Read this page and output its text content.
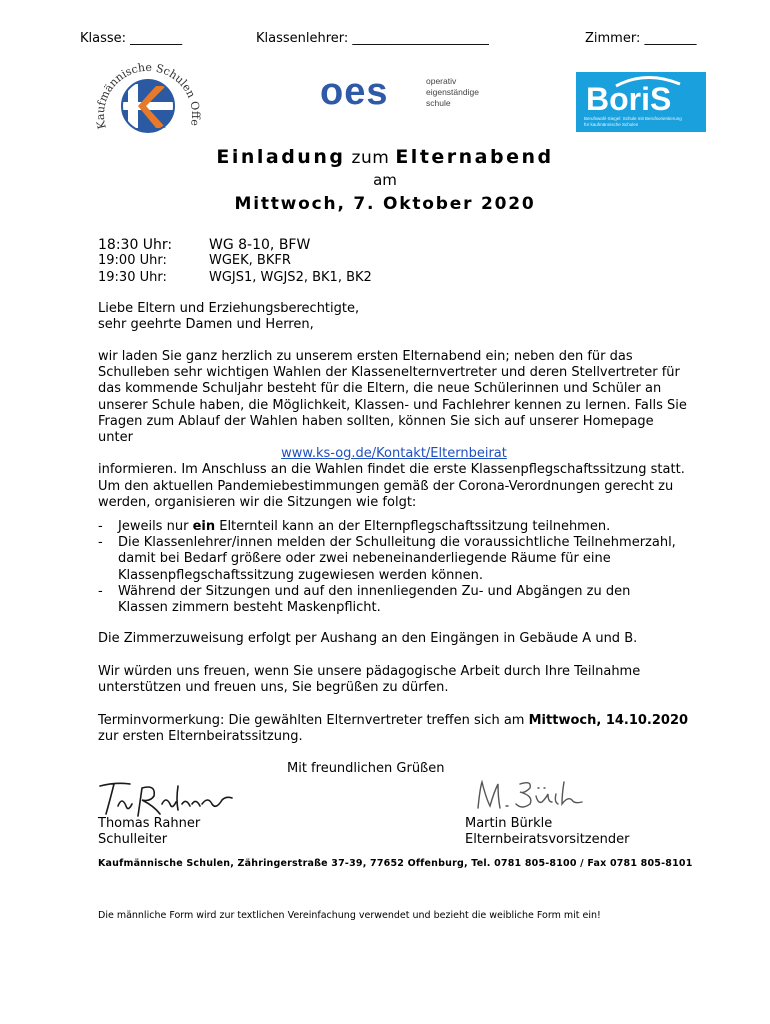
Klasse: ________	Klassenlehrer: _____________________	Zimmer: ________
Kaufmännische Schulen Offe
oes	operativ
eigenständige
schule	BoriS
Berufswahl-Siegel: Schule mit Berufsorientierung
für kaufmännische Schulen
Einladung zum Elternabend
am
Mittwoch, 7. Oktober 2020
18:30 Uhr:	WG 8-10, BFW
19:00 Uhr:	WGEK, BKFR
19:30 Uhr:	WGJS1, WGJS2, BK1, BK2

Liebe Eltern und Erziehungsberechtigte,

sehr geehrte Damen und Herren,

wir laden Sie ganz herzlich zu unserem ersten Elternabend ein; neben den für das Schulleben sehr wichtigen Wahlen der Klassenelternvertreter und deren Stellvertreter für das kommende Schuljahr besteht für die Eltern, die neue Schülerinnen und Schüler an unserer Schule haben, die Möglichkeit, Klassen- und Fachlehrer kennen zu lernen. Falls Sie Fragen zum Ablauf der Wahlen haben sollten, können Sie sich auf unserer Homepage unter

www.ks-og.de/Kontakt/Elternbeirat

informieren. Im Anschluss an die Wahlen findet die erste Klassenpflegschaftssitzung statt.

Um den aktuellen Pandemiebestimmungen gemäß der Corona-Verordnungen gerecht zu werden, organisieren wir die Sitzungen wie folgt:
-	Jeweils nur ein Elternteil kann an der Elternpflegschaftssitzung teilnehmen.
-	Die Klassenlehrer/innen melden der Schulleitung die voraussichtliche Teilnehmerzahl, damit bei Bedarf größere oder zwei nebeneinanderliegende Räume für eine Klassenpflegschaftssitzung zugewiesen werden können.
-	Während der Sitzungen und auf den innenliegenden Zu- und Abgängen zu den Klassen zimmern besteht Maskenpflicht.
Die Zimmerzuweisung erfolgt per Aushang an den Eingängen in Gebäude A und B.
Wir würden uns freuen, wenn Sie unsere pädagogische Arbeit durch Ihre Teilnahme unterstützen und freuen uns, Sie begrüßen zu dürfen.
Terminvormerkung: Die gewählten Elternvertreter treffen sich am Mittwoch, 14.10.2020 zur ersten Elternbeiratssitzung.
Mit freundlichen Grüßen
Thomas Rahner
Schulleiter
Martin Bürkle
Elternbeiratsvorsitzender
Kaufmännische Schulen, Zähringerstraße 37-39, 77652 Offenburg, Tel. 0781 805-8100 / Fax 0781 805-8101
Die männliche Form wird zur textlichen Vereinfachung verwendet und bezieht die weibliche Form mit ein!
